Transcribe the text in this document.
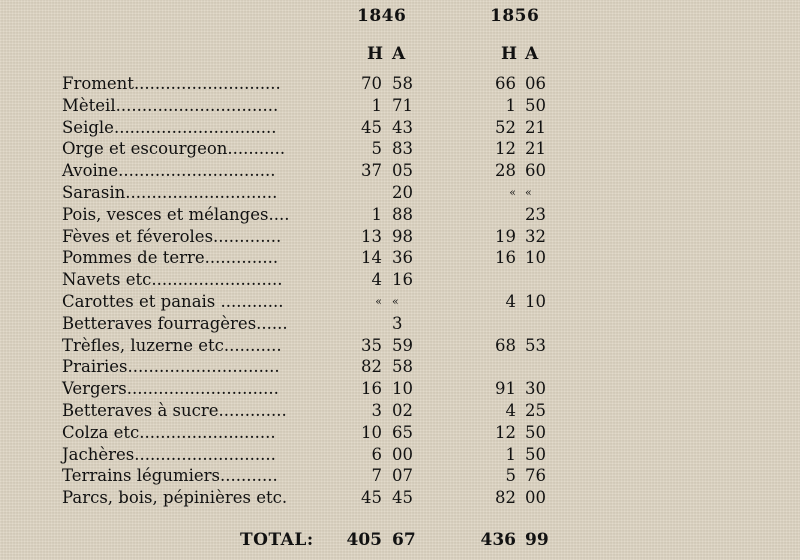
1846	1856
H A	H A
Froment............................	70 58	66 06
Mèteil...............................	1 71	1 50
Seigle...............................	45 43	52 21
Orge et escourgeon...........	5 83	12 21
Avoine..............................	37 05	28 60
Sarasin.............................	20	« «
Pois, vesces et mélanges....	1 88	23
Fèves et féveroles.............	13 98	19 32
Pommes de terre..............	14 36	16 10
Navets etc.........................	4 16
Carottes et panais ............	« «	4 10
Betteraves fourragères......	3
Trèfles, luzerne etc...........	35 59	68 53
Prairies.............................	82 58
Vergers.............................	16 10	91 30
Betteraves à sucre.............	3 02	4 25
Colza etc..........................	10 65	12 50
Jachères...........................	6 00	1 50
Terrains légumiers...........	7 07	5 76
Parcs, bois, pépinières etc.	45 45	82 00
TOTAL: 405 67	436 99
